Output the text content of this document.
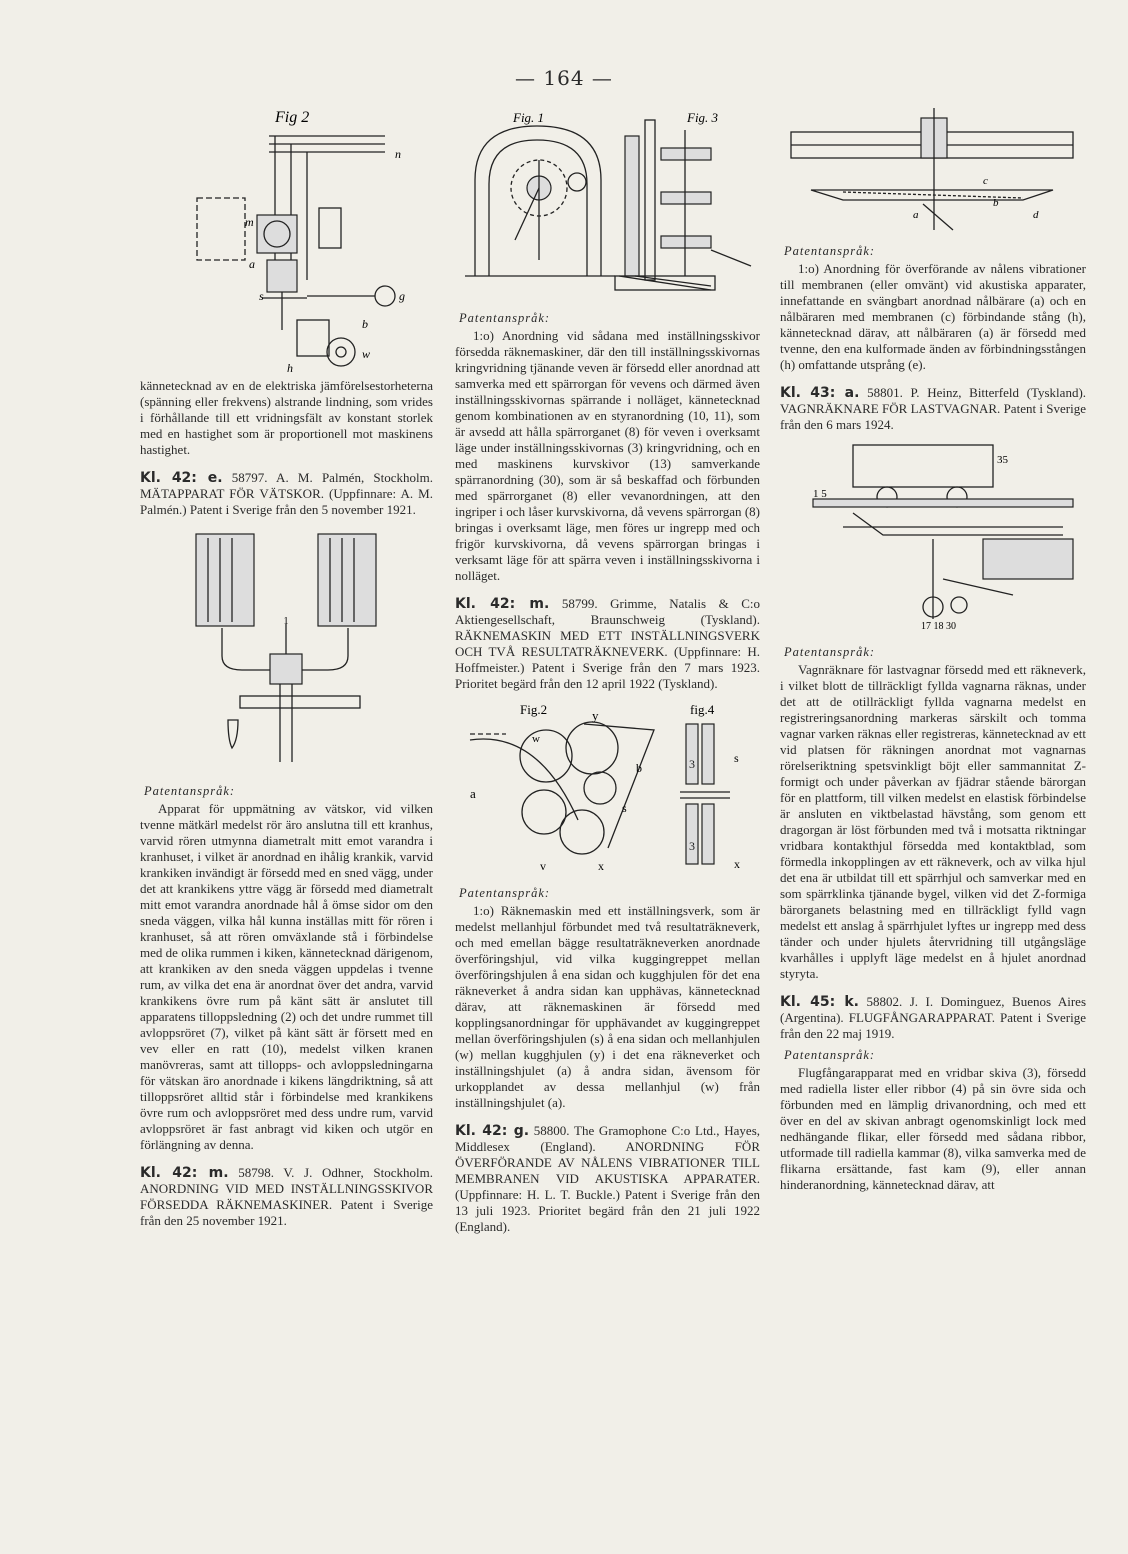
— 164 —
Fig 2
m
a
s	g
n
b
w
h

kännetecknad av en de elektriska jämförelsestorheterna (spänning eller frekvens) alstrande lindning, som vrides i förhållande till ett vridningsfält av konstant storlek med en hastighet som är proportionell mot maskinens hastighet.

Kl. 42: e. 58797. A. M. Palmén, Stockholm. MÄTAPPARAT FÖR VÄTSKOR. (Uppfinnare: A. M. Palmén.) Patent i Sverige från den 5 november 1921.

1
Patentanspråk:

Apparat för uppmätning av vätskor, vid vilken tvenne mätkärl medelst rör äro anslutna till ett kranhus, varvid rören utmynna diametralt mitt emot varandra i kranhuset, i vilket är anordnad en ihålig krankik, varvid krankiken invändigt är försedd med en sned vägg, under det att krankikens yttre vägg är försedd med diametralt mitt emot varandra anordnade hål å ömse sidor om den sneda väggen, vilka hål kunna inställas mitt för rören i kranhuset, så att rören omväxlande stå i förbindelse med de olika rummen i kiken, kännetecknad därigenom, att krankiken av den sneda väggen uppdelas i tvenne rum, av vilka det ena är anordnat över det andra, varvid krankikens övre rum på känt sätt är anslutet till apparatens tilloppsledning (2) och det undre rummet till avloppsröret (7), vilket på känt sätt är försett med en vev eller en ratt (10), medelst vilken kranen manövreras, samt att tillopps- och avloppsledningarna för vätskan äro anordnade i kikens längdriktning, så att tilloppsröret alltid står i förbindelse med krankikens övre rum och avloppsröret med dess undre rum, varvid avloppsröret är fast anbragt vid kiken och utgör en förlängning av denna.

Kl. 42: m. 58798. V. J. Odhner, Stockholm. ANORDNING VID MED INSTÄLLNINGSSKIVOR FÖRSEDDA RÄKNEMASKINER. Patent i Sverige från den 25 november 1921.

Fig. 1	Fig. 3
Patentanspråk:

1:o) Anordning vid sådana med inställningsskivor försedda räknemaskiner, där den till inställningsskivornas kringvridning tjänande veven är försedd eller anordnad att samverka med ett spärrorgan för vevens och därmed även inställningsskivornas spärrande i nolläget, kännetecknad genom kombinationen av en styranordning (10, 11), som är avsedd att hålla spärrorganet (8) för veven i overksamt läge under inställningsskivornas (3) kringvridning, och en med maskinens kurvskivor (13) samverkande spärranordning (30), som är så beskaffad och förbunden med spärrorganet (8) eller vevanordningen, att den ingriper i och låser kurvskivorna, då vevens spärrorgan (8) bringas i overksamt läge, men föres ur ingrepp med och frigör kurvskivorna, då vevens spärrorgan bringas i verksamt läge för att spärra veven i inställningsskivorna i nolläget.

Kl. 42: m. 58799. Grimme, Natalis & C:o Aktiengesellschaft, Braunschweig (Tyskland). RÄKNEMASKIN MED ETT INSTÄLLNINGSVERK OCH TVÅ RESULTATRÄKNEVERK. (Uppfinnare: H. Hoffmeister.) Patent i Sverige från den 7 mars 1923. Prioritet begärd från den 12 april 1922 (Tyskland).

Fig.2	fig.4
a
y
w
b
s
v	x
3
3
s
x
Patentanspråk:

1:o) Räknemaskin med ett inställningsverk, som är medelst mellanhjul förbundet med två resultaträkneverk, och med emellan bägge resultaträkneverken anordnade överföringshjul, vid vilka kuggingreppet mellan överföringshjulen å ena sidan och kugghjulen för det ena räkneverket å andra sidan kan upphävas, kännetecknad därav, att räknemaskinen är försedd med kopplingsanordningar för upphävandet av kuggingreppet mellan överföringshjulen (s) å ena sidan och mellanhjulen (w) mellan kugghjulen (y) i det ena räkneverket och inställningshjulet (a) å andra sidan, ävensom för urkopplandet av dessa mellanhjul (w) från inställningshjulet (a).

Kl. 42: g. 58800. The Gramophone C:o Ltd., Hayes, Middlesex (England). ANORDNING FÖR ÖVERFÖRANDE AV NÅLENS VIBRATIONER TILL MEMBRANEN VID AKUSTISKA APPARATER. (Uppfinnare: H. L. T. Buckle.) Patent i Sverige från den 13 juli 1923. Prioritet begärd från den 21 juli 1922 (England).

c
b
d
a
Patentanspråk:

1:o) Anordning för överförande av nålens vibrationer till membranen (eller omvänt) vid akustiska apparater, innefattande en svängbart anordnad nålbärare (a) och en nålbäraren med membranen (c) förbindande stång (h), kännetecknad därav, att nålbäraren (a) är försedd med tvenne, den ena kulformade änden av förbindningsstången (h) omfattande utsprång (e).

Kl. 43: a. 58801. P. Heinz, Bitterfeld (Tyskland). VAGNRÄKNARE FÖR LASTVAGNAR. Patent i Sverige från den 6 mars 1924.

35
1 5
17 18 30
Patentanspråk:

Vagnräknare för lastvagnar försedd med ett räkneverk, i vilket blott de tillräckligt fyllda vagnarna räknas, under det att de otillräckligt fyllda vagnarna medelst en registreringsanordning markeras särskilt och tomma vagnar varken räknas eller registreras, kännetecknad av ett vid platsen för räkningen anordnat mot vagnarnas rörelseriktning spetsvinkligt böjt eller sammannitat Z-formigt och under påverkan av fjädrar stående bärorgan för en plattform, till vilken medelst en elastisk förbindelse är ansluten en viktbelastad hävstång, som genom ett dragorgan är löst förbunden med två i motsatta riktningar vridbara kontakthjul försedda med kontaktblad, som förmedla inkopplingen av ett räkneverk, och av vilka hjul det ena är utbildat till ett spärrhjul och samverkar med en som spärrklinka tjänande bygel, vilken vid det Z-formiga bärorganets belastning med en tillräckligt fylld vagn medelst ett anslag å spärrhjulet lyftes ur ingrepp med dess tänder och under hjulets återvridning till utgångsläge kvarhålles i upplyft läge medelst en å hjulet anordnad styryta.

Kl. 45: k. 58802. J. I. Dominguez, Buenos Aires (Argentina). FLUGFÅNGARAPPARAT. Patent i Sverige från den 22 maj 1919.

Patentanspråk:

Flugfångarapparat med en vridbar skiva (3), försedd med radiella lister eller ribbor (4) på sin övre sida och förbunden med en lämplig drivanordning, och med ett över en del av skivan anbragt ogenomskinligt lock med nedhängande flikar, eller försedd med sådana ribbor, utformade till radiella kammar (8), vilka samverka med de flikarna ersättande, fast kam (9), eller annan hinderanordning, kännetecknad därav, att
